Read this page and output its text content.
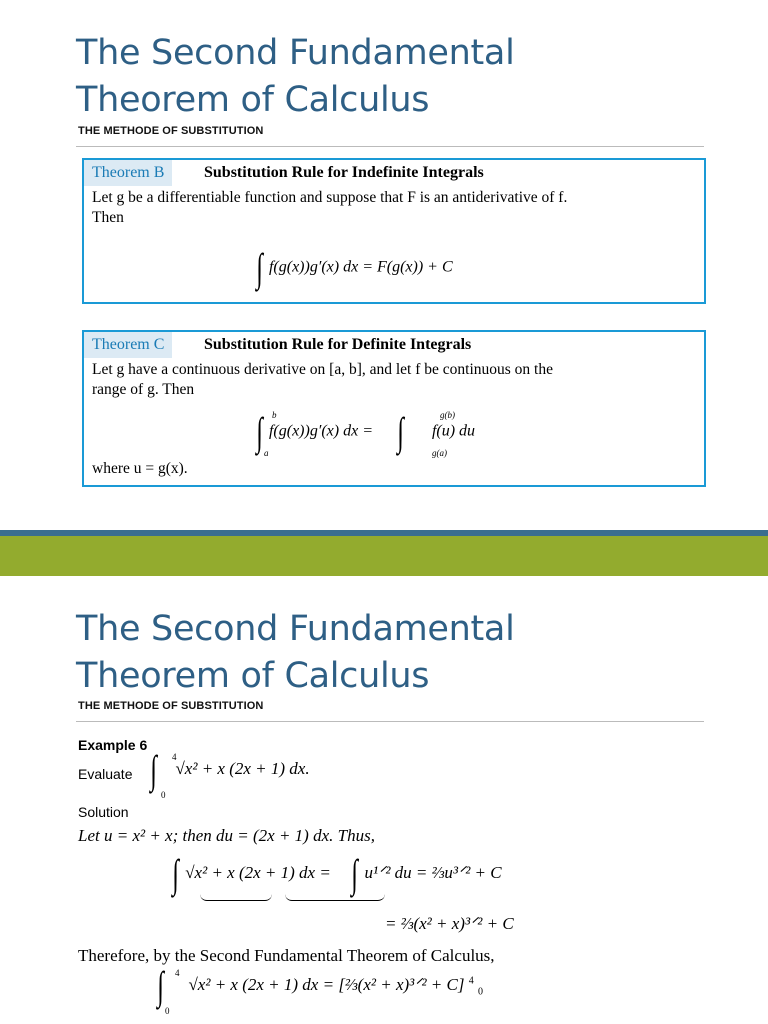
The Second Fundamental
Theorem of Calculus
THE METHODE OF SUBSTITUTION
Theorem B	Substitution Rule for Indefinite Integrals
Let g be a differentiable function and suppose that F is an antiderivative of f.
Then
∫ f(g(x))g′(x) dx = F(g(x)) + C
Theorem C	Substitution Rule for Definite Integrals
Let g have a continuous derivative on [a, b], and let f be continuous on the
range of g. Then
∫ b
a
f(g(x))g′(x) dx = ∫	g(b)
g(a)
f(u) du
where u = g(x).
The Second Fundamental
Theorem of Calculus
THE METHODE OF SUBSTITUTION
Example 6
Evaluate ∫ 4
0
√x² + x (2x + 1) dx.
Solution
Let u = x² + x; then du = (2x + 1) dx. Thus,
∫ √x² + x (2x + 1) dx = ∫ u¹ᐟ² du = ⅔u³ᐟ² + C
= ⅔(x² + x)³ᐟ² + C
Therefore, by the Second Fundamental Theorem of Calculus,
∫ 4
0
√x² + x (2x + 1) dx = [⅔(x² + x)³ᐟ² + C] $^4$ $_0$
